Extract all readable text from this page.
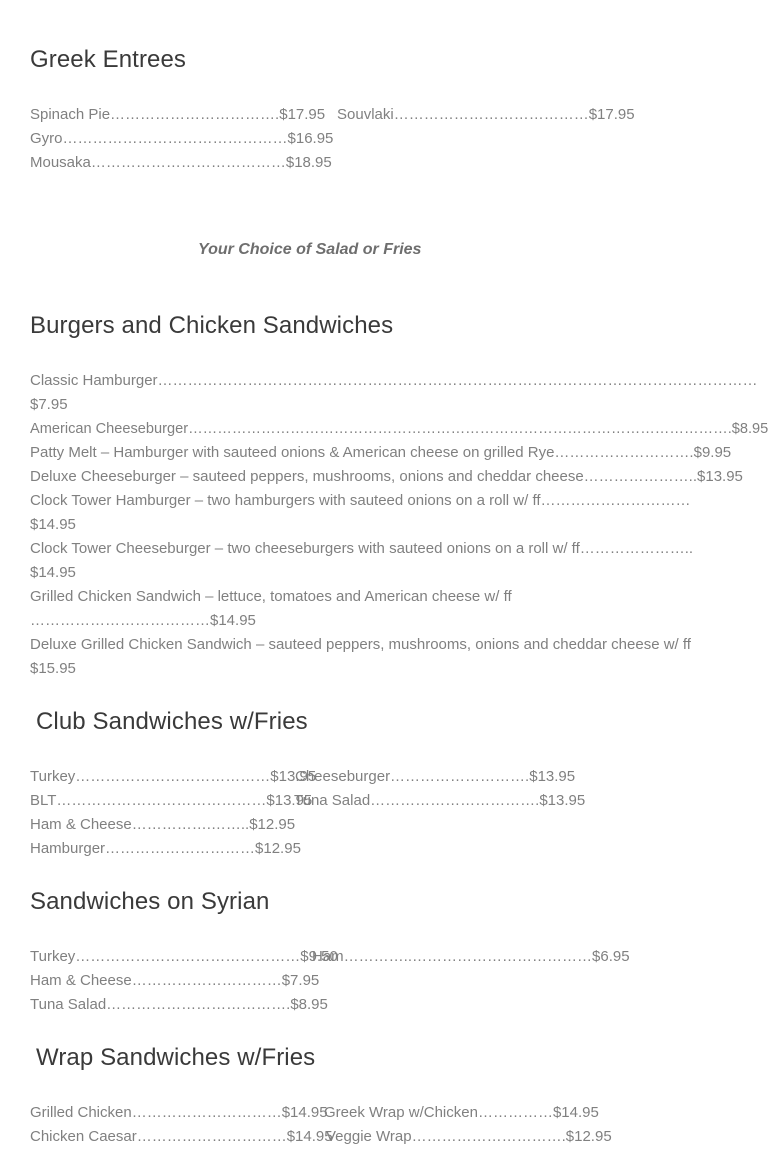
Greek Entrees
Spinach Pie…………………………….$17.95 Souvlaki…………………………………$17.95
Gyro………………………………………$16.95
Mousaka…………………………………$18.95
Your Choice of Salad or Fries
Burgers and Chicken Sandwiches
Classic Hamburger…………………………………………………………………………………………………………
$7.95
American Cheeseburger………………………………………………………………………………………………….$8.95
Patty Melt – Hamburger with sauteed onions & American cheese on grilled Rye……………………….$9.95
Deluxe Cheeseburger – sauteed peppers, mushrooms, onions and cheddar cheese…………………..$13.95
Clock Tower Hamburger – two hamburgers with sauteed onions on a roll w/ ff…………………………
$14.95
Clock Tower Cheeseburger – two cheeseburgers with sauteed onions on a roll w/ ff…………………..
$14.95
Grilled Chicken Sandwich – lettuce, tomatoes and American cheese w/ ff
………………………………$14.95
Deluxe Grilled Chicken Sandwich – sauteed peppers, mushrooms, onions and cheddar cheese w/ ff
$15.95
Club Sandwiches w/Fries
Turkey…………………………………$13.95
Cheeseburger……………………….$13.95
BLT……………………………………$13.95
Tuna Salad…………………………….$13.95
Ham & Cheese…………….……..$12.95
Hamburger…………………………$12.95
Sandwiches on Syrian
Turkey………………………………………$9.50
Ham…………..………………………………$6.95
Ham & Cheese…………………………$7.95
Tuna Salad……………………………….$8.95
Wrap Sandwiches w/Fries
Grilled Chicken…………………………$14.95
Greek Wrap w/Chicken……………$14.95
Chicken Caesar…………………………$14.95
Veggie Wrap………………………….$12.95
